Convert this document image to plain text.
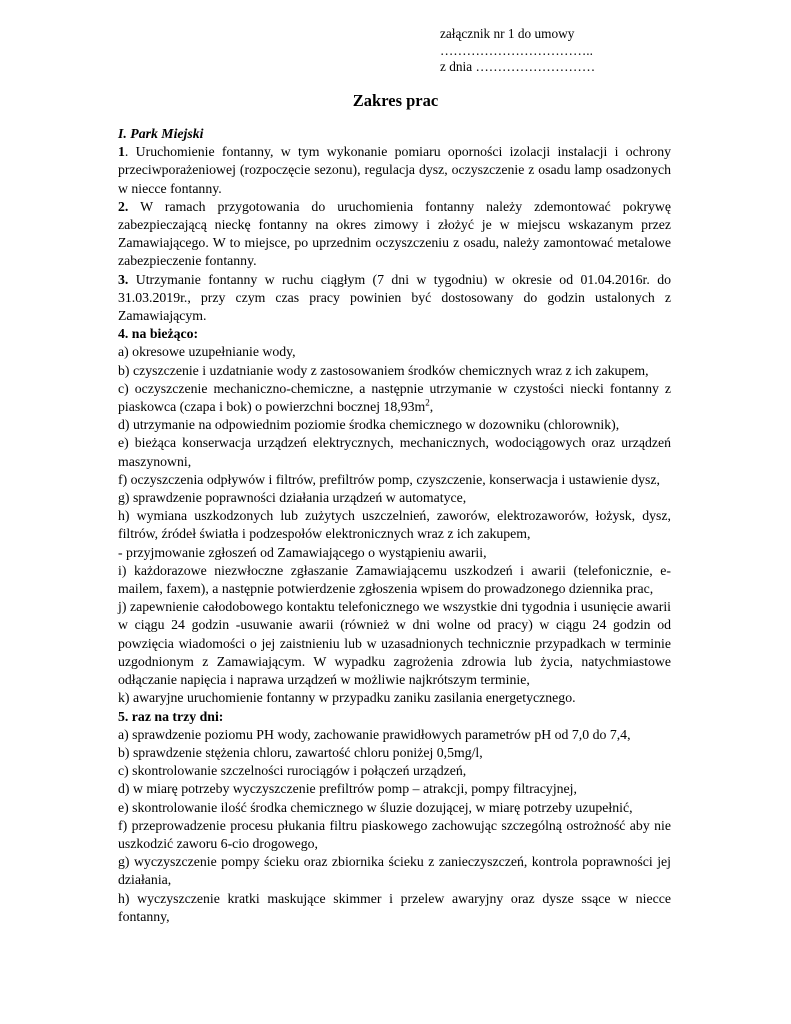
załącznik nr 1 do umowy
……………………………..
z dnia ………………………
Zakres prac

I. Park Miejski

1. Uruchomienie fontanny, w tym wykonanie pomiaru oporności izolacji instalacji i ochrony przeciwporażeniowej (rozpoczęcie sezonu), regulacja dysz, oczyszczenie z osadu lamp osadzonych w niecce fontanny.

2. W ramach przygotowania do uruchomienia fontanny należy zdemontować pokrywę zabezpieczającą nieckę fontanny na okres zimowy i złożyć je w miejscu wskazanym przez Zamawiającego. W to miejsce, po uprzednim oczyszczeniu z osadu, należy zamontować metalowe zabezpieczenie fontanny.

3. Utrzymanie fontanny w ruchu ciągłym (7 dni w tygodniu) w okresie od 01.04.2016r. do 31.03.2019r., przy czym czas pracy powinien być dostosowany do godzin ustalonych z Zamawiającym.

4. na bieżąco:

a) okresowe uzupełnianie wody,

b) czyszczenie i uzdatnianie wody z zastosowaniem środków chemicznych wraz z ich zakupem,

c) oczyszczenie mechaniczno-chemiczne, a następnie utrzymanie w czystości niecki fontanny z piaskowca (czapa i bok) o powierzchni bocznej $18,93m^2$,

d) utrzymanie na odpowiednim poziomie środka chemicznego w dozowniku (chlorownik),

e) bieżąca konserwacja urządzeń elektrycznych, mechanicznych, wodociągowych oraz urządzeń maszynowni,

f) oczyszczenia odpływów i filtrów, prefiltrów pomp, czyszczenie, konserwacja i ustawienie dysz,

g) sprawdzenie poprawności działania urządzeń w automatyce,

h) wymiana uszkodzonych lub zużytych uszczelnień, zaworów, elektrozaworów, łożysk, dysz, filtrów, źródeł światła i podzespołów elektronicznych wraz z ich zakupem,

- przyjmowanie zgłoszeń od Zamawiającego o wystąpieniu awarii,

i) każdorazowe niezwłoczne zgłaszanie Zamawiającemu uszkodzeń i awarii (telefonicznie, e-mailem, faxem), a następnie potwierdzenie zgłoszenia wpisem do prowadzonego dziennika prac,

j) zapewnienie całodobowego kontaktu telefonicznego we wszystkie dni tygodnia i usunięcie awarii w ciągu 24 godzin -usuwanie awarii (również w dni wolne od pracy) w ciągu 24 godzin od powzięcia wiadomości o jej zaistnieniu lub w uzasadnionych technicznie przypadkach w terminie uzgodnionym z Zamawiającym. W wypadku zagrożenia zdrowia lub życia, natychmiastowe odłączanie napięcia i naprawa urządzeń w możliwie najkrótszym terminie,

k) awaryjne uruchomienie fontanny w przypadku zaniku zasilania energetycznego.

5. raz na trzy dni:

a) sprawdzenie poziomu PH wody, zachowanie prawidłowych parametrów pH od 7,0 do 7,4,

b) sprawdzenie stężenia chloru, zawartość chloru poniżej 0,5mg/l,

c) skontrolowanie szczelności rurociągów i połączeń urządzeń,

d) w miarę potrzeby wyczyszczenie prefiltrów pomp – atrakcji, pompy filtracyjnej,

e) skontrolowanie ilość środka chemicznego w śluzie dozującej, w miarę potrzeby uzupełnić,

f) przeprowadzenie procesu płukania filtru piaskowego zachowując szczególną ostrożność aby nie uszkodzić zaworu 6-cio drogowego,

g) wyczyszczenie pompy ścieku oraz zbiornika ścieku z zanieczyszczeń, kontrola poprawności jej działania,

h) wyczyszczenie kratki maskujące skimmer i przelew awaryjny oraz dysze ssące w niecce fontanny,
